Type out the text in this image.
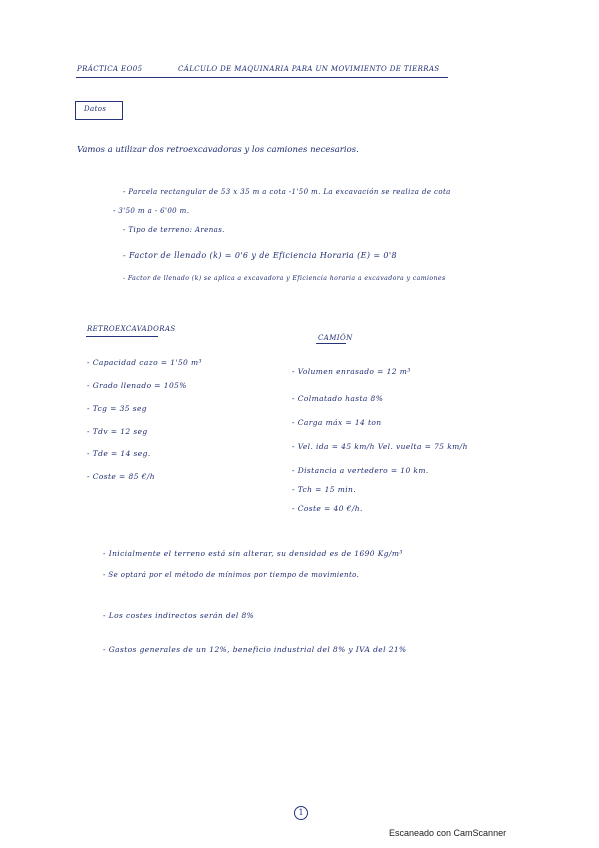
PRÁCTICA EO05	CÁLCULO DE MAQUINARIA PARA UN MOVIMIENTO DE TIERRAS
Datos
Vamos a utilizar dos retroexcavadoras y los camiones necesarios.
- Parcela rectangular de 53 x 35 m a cota -1'50 m. La excavación se realiza de cota
- 3'50 m a - 6'00 m.
- Tipo de terreno: Arenas.
- Factor de llenado (k) = 0'6 y de Eficiencia Horaria (E) = 0'8
- Factor de llenado (k) se aplica a excavadora y Eficiencia horaria a excavadora y camiones
RETROEXCAVADORAS
- Capacidad cazo = 1'50 m³
- Grado llenado = 105%
- Tcg = 35 seg
- Tdv = 12 seg
- Tde = 14 seg.
- Coste = 85 €/h
CAMIÓN
- Volumen enrasado = 12 m³
- Colmatado hasta 8%
- Carga máx = 14 ton
- Vel. ida = 45 km/h Vel. vuelta = 75 km/h
- Distancia a vertedero = 10 km.
- Tch = 15 min.
- Coste = 40 €/h.
- Inicialmente el terreno está sin alterar, su densidad es de 1690 Kg/m³
- Se optará por el método de mínimos por tiempo de movimiento.
- Los costes indirectos serán del 8%
- Gastos generales de un 12%, beneficio industrial del 8% y IVA del 21%
1
Escaneado con CamScanner
